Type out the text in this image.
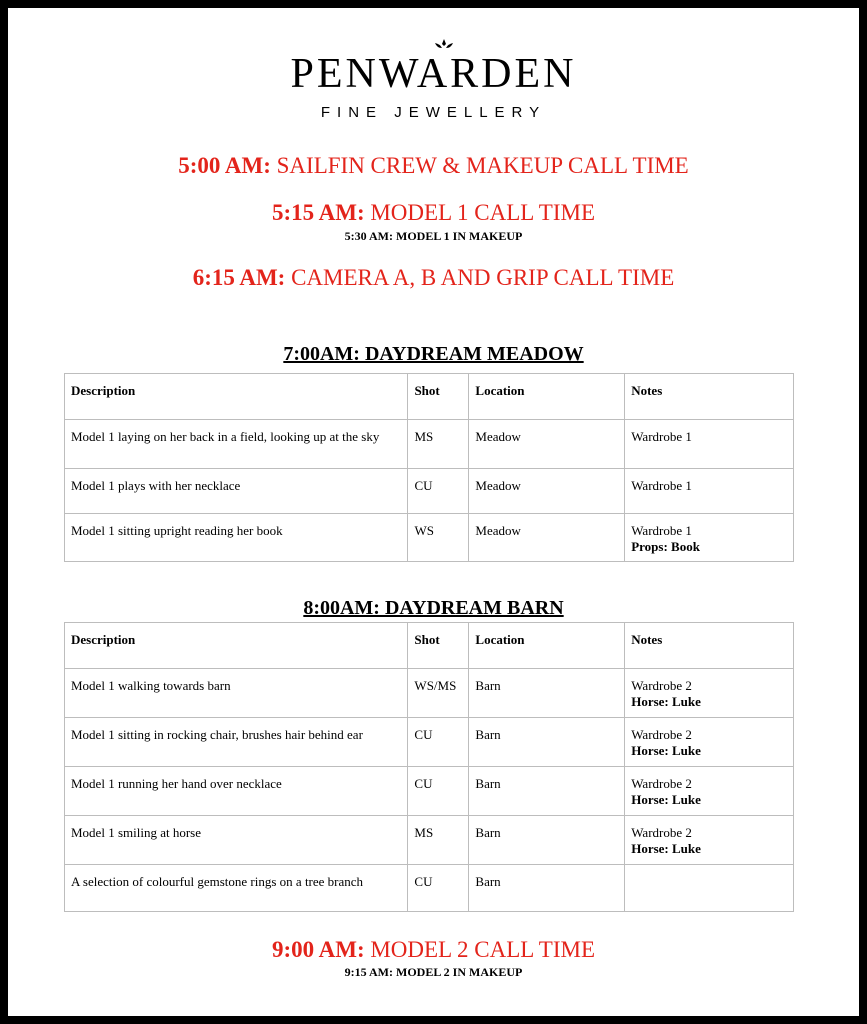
PENWARDEN
FINE JEWELLERY
5:00 AM: SAILFIN CREW & MAKEUP CALL TIME
5:15 AM: MODEL 1 CALL TIME
5:30 AM: MODEL 1 IN MAKEUP
6:15 AM: CAMERA A, B AND GRIP CALL TIME
7:00AM: DAYDREAM MEADOW
Description	Shot	Location	Notes
Model 1 laying on her back in a field, looking up at the sky	MS	Meadow	Wardrobe 1

Model 1 plays with her necklace	CU	Meadow	Wardrobe 1

Model 1 sitting upright reading her book	WS	Meadow	Wardrobe 1
Props: Book
8:00AM: DAYDREAM BARN
Description	Shot	Location	Notes
Model 1 walking towards barn	WS/MS	Barn	Wardrobe 2
Horse: Luke

Model 1 sitting in rocking chair, brushes hair behind ear	CU	Barn	Wardrobe 2
Horse: Luke

Model 1 running her hand over necklace	CU	Barn	Wardrobe 2
Horse: Luke

Model 1 smiling at horse	MS	Barn	Wardrobe 2
Horse: Luke

A selection of colourful gemstone rings on a tree branch	CU	Barn	
9:00 AM: MODEL 2 CALL TIME
9:15 AM: MODEL 2 IN MAKEUP
